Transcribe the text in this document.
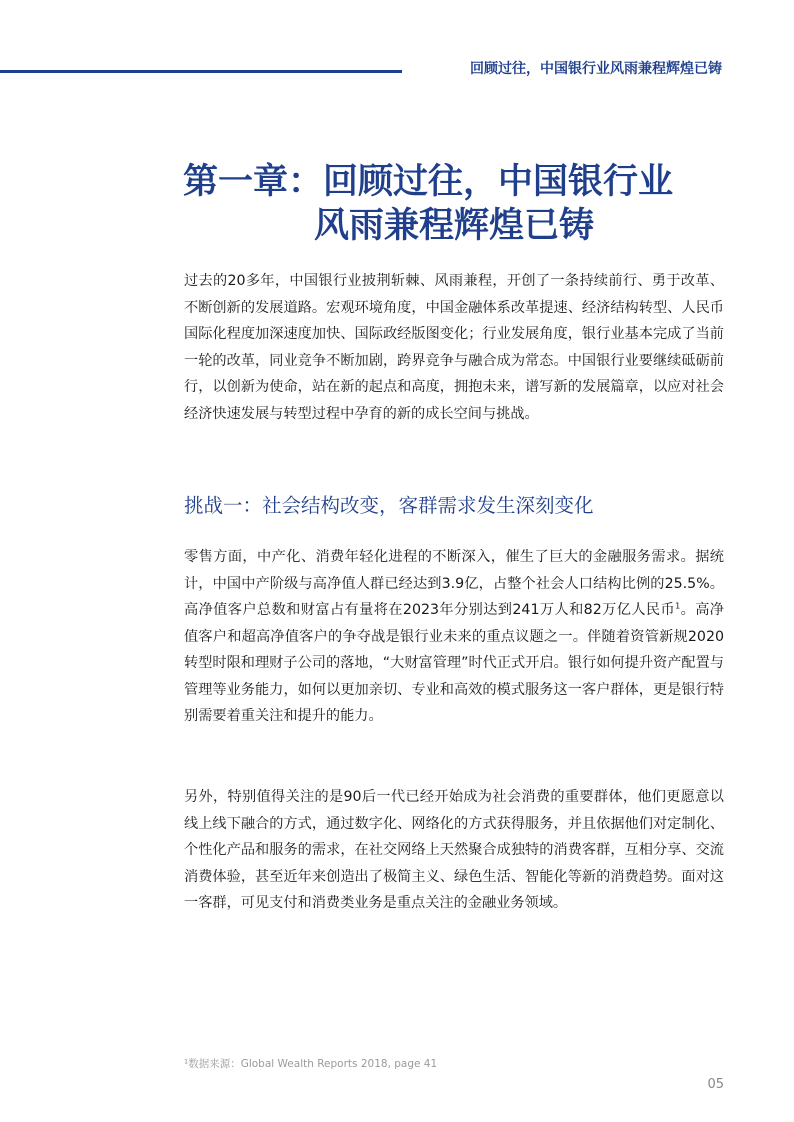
回顾过往，中国银行业风雨兼程辉煌已铸
第一章：回顾过往，中国银行业
风雨兼程辉煌已铸

过去的20多年，中国银行业披荆斩棘、风雨兼程，开创了一条持续前行、勇于改革、不断创新的发展道路。宏观环境角度，中国金融体系改革提速、经济结构转型、人民币国际化程度加深速度加快、国际政经版图变化；行业发展角度，银行业基本完成了当前一轮的改革，同业竞争不断加剧，跨界竞争与融合成为常态。中国银行业要继续砥砺前行，以创新为使命，站在新的起点和高度，拥抱未来，谱写新的发展篇章，以应对社会经济快速发展与转型过程中孕育的新的成长空间与挑战。

挑战一：社会结构改变，客群需求发生深刻变化

零售方面，中产化、消费年轻化进程的不断深入，催生了巨大的金融服务需求。据统计，中国中产阶级与高净值人群已经达到3.9亿，占整个社会人口结构比例的25.5%。高净值客户总数和财富占有量将在2023年分别达到241万人和82万亿人民币$^1$。高净值客户和超高净值客户的争夺战是银行业未来的重点议题之一。伴随着资管新规2020转型时限和理财子公司的落地，“大财富管理”时代正式开启。银行如何提升资产配置与管理等业务能力，如何以更加亲切、专业和高效的模式服务这一客户群体，更是银行特别需要着重关注和提升的能力。

另外，特别值得关注的是90后一代已经开始成为社会消费的重要群体，他们更愿意以线上线下融合的方式，通过数字化、网络化的方式获得服务，并且依据他们对定制化、个性化产品和服务的需求，在社交网络上天然聚合成独特的消费客群，互相分享、交流消费体验，甚至近年来创造出了极简主义、绿色生活、智能化等新的消费趋势。面对这一客群，可见支付和消费类业务是重点关注的金融业务领域。

¹数据来源：Global Wealth Reports 2018, page 41
05
